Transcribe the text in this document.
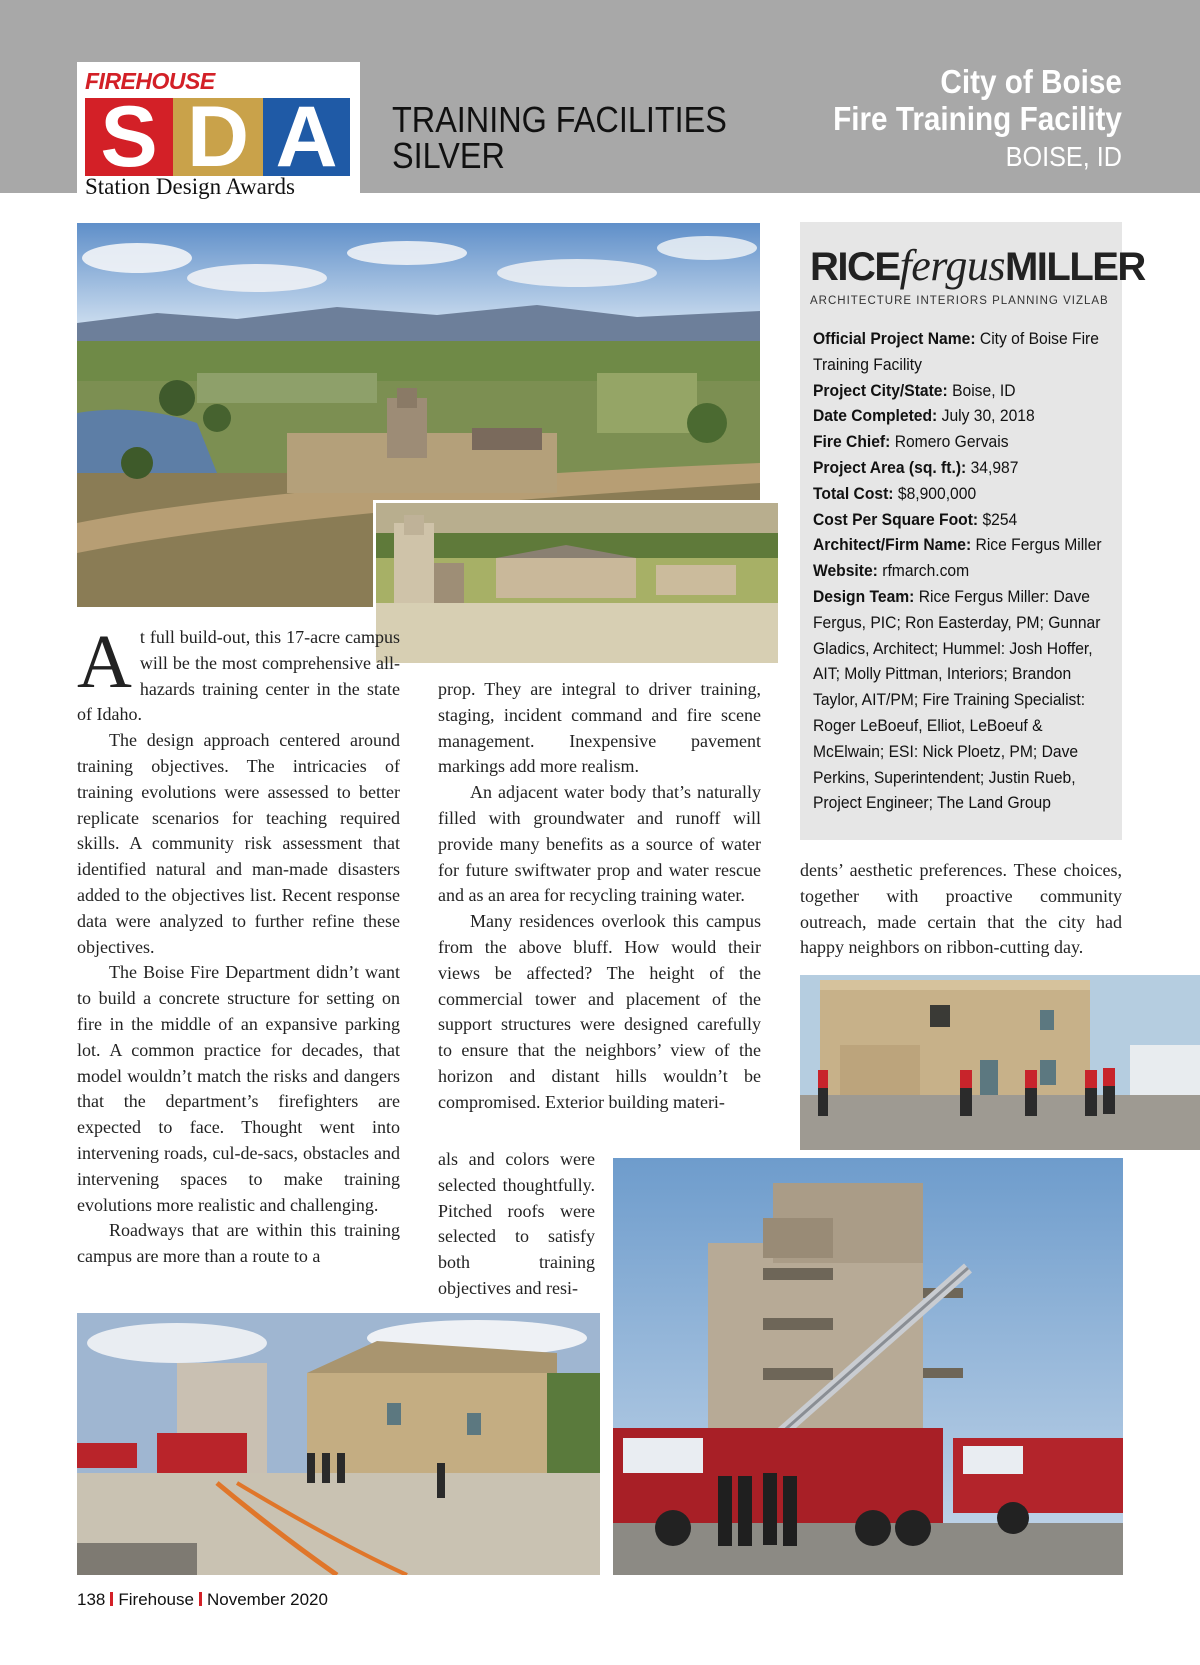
FIREHOUSE
S D A
Station Design Awards
TRAINING FACILITIES
SILVER
City of Boise
Fire Training Facility
BOISE, ID
RICEfergusMILLER
ARCHITECTURE INTERIORS PLANNING VIZLAB

Official Project Name: City of Boise Fire Training Facility

Project City/State: Boise, ID

Date Completed: July 30, 2018

Fire Chief: Romero Gervais

Project Area (sq. ft.): 34,987

Total Cost: $8,900,000

Cost Per Square Foot: $254

Architect/Firm Name: Rice Fergus Miller

Website: rfmarch.com

Design Team: Rice Fergus Miller: Dave Fergus, PIC; Ron Easterday, PM; Gunnar Gladics, Architect; Hummel: Josh Hoffer, AIT; Molly Pittman, Interiors; Brandon Taylor, AIT/PM; Fire Training Specialist: Roger LeBoeuf, Elliot, LeBoeuf & McElwain; ESI: Nick Ploetz, PM; Dave Perkins, Superintendent; Justin Rueb, Project Engineer; The Land Group

A t full build-out, this 17-acre campus will be the most comprehensive all-hazards training center in the state of Idaho.

The design approach centered around training objectives. The intricacies of training evolutions were assessed to better replicate scenarios for teaching required skills. A community risk assessment that identified natural and man-made disasters added to the objectives list. Recent response data were analyzed to further refine these objectives.

The Boise Fire Department didn’t want to build a concrete structure for setting on fire in the middle of an expansive parking lot. A common practice for decades, that model wouldn’t match the risks and dangers that the department’s firefighters are expected to face. Thought went into intervening roads, cul-de-sacs, obstacles and intervening spaces to make training evolutions more realistic and challenging.

Roadways that are within this training campus are more than a route to a

prop. They are integral to driver training, staging, incident command and fire scene management. Inexpensive pavement markings add more realism.

An adjacent water body that’s naturally filled with groundwater and runoff will provide many benefits as a source of water for future swiftwater prop and water rescue and as an area for recycling training water.

Many residences overlook this campus from the above bluff. How would their views be affected? The height of the commercial tower and placement of the support structures were designed carefully to ensure that the neighbors’ view of the horizon and distant hills wouldn’t be compromised. Exterior building materi-

als and colors were selected thoughtfully. Pitched roofs were selected to satisfy both training objectives and resi-

dents’ aesthetic preferences. These choices, together with proactive community outreach, made certain that the city had happy neighbors on ribbon-cutting day.

138 Firehouse November 2020
